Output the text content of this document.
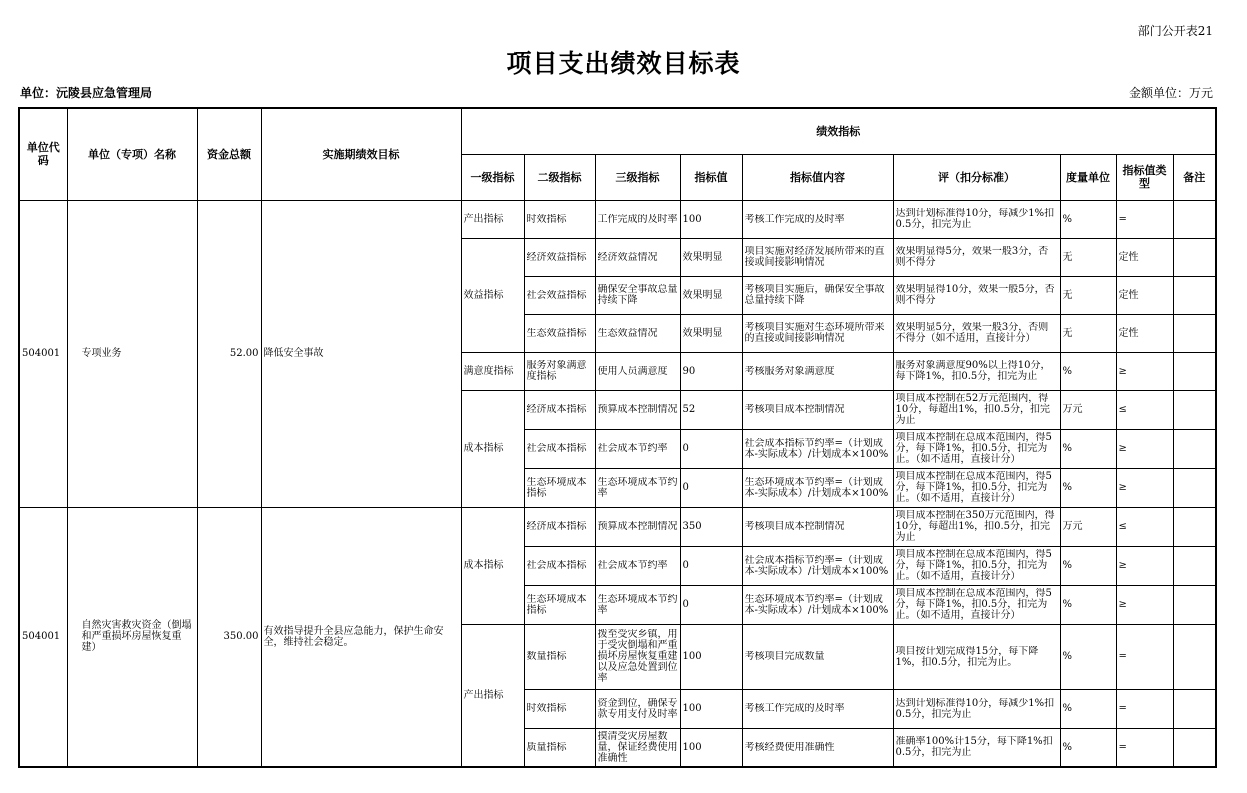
部门公开表21
项目支出绩效目标表
单位：沅陵县应急管理局	金额单位：万元
单位代码	单位（专项）名称	资金总额	实施期绩效目标	绩效指标								
				一级指标	二级指标	三级指标	指标值	指标值内容	评（扣分标准）	度量单位	指标值类型	备注
504001	专项业务	52.00	降低安全事故	产出指标	时效指标	工作完成的及时率	100	考核工作完成的及时率	达到计划标准得10分，每减少1%扣0.5分，扣完为止	%	=	
				效益指标	经济效益指标	经济效益情况	效果明显	项目实施对经济发展所带来的直接或间接影响情况	效果明显得5分，效果一般3分，否则不得分	无	定性	

					社会效益指标	确保安全事故总量持续下降	效果明显	考核项目实施后，确保安全事故总量持续下降	效果明显得10分，效果一般5分，否则不得分	无	定性	

					生态效益指标	生态效益情况	效果明显	考核项目实施对生态环境所带来的直接或间接影响情况	效果明显5分，效果一般3分，否则不得分（如不适用，直接计分）	无	定性	
				满意度指标	服务对象满意度指标	使用人员满意度	90	考核服务对象满意度	服务对象满意度90%以上得10分，每下降1%，扣0.5分，扣完为止	%	≥	
				成本指标	经济成本指标	预算成本控制情况	52	考核项目成本控制情况	项目成本控制在52万元范围内，得10分，每超出1%，扣0.5分，扣完为止	万元	≤	

					社会成本指标	社会成本节约率	0	社会成本指标节约率=（计划成本-实际成本）/计划成本×100%	项目成本控制在总成本范围内，得5分，每下降1%，扣0.5分，扣完为止。（如不适用，直接计分）	%	≥	

					生态环境成本指标	生态环境成本节约率	0	生态环境成本节约率=（计划成本-实际成本）/计划成本×100%	项目成本控制在总成本范围内，得5分，每下降1%，扣0.5分，扣完为止。（如不适用，直接计分）	%	≥	
504001	自然灾害救灾资金（倒塌和严重损坏房屋恢复重建）	350.00	有效指导提升全县应急能力，保护生命安全，维持社会稳定。	成本指标	经济成本指标	预算成本控制情况	350	考核项目成本控制情况	项目成本控制在350万元范围内，得10分，每超出1%，扣0.5分，扣完为止	万元	≤	

					社会成本指标	社会成本节约率	0	社会成本指标节约率=（计划成本-实际成本）/计划成本×100%	项目成本控制在总成本范围内，得5分，每下降1%，扣0.5分，扣完为止。（如不适用，直接计分）	%	≥	

					生态环境成本指标	生态环境成本节约率	0	生态环境成本节约率=（计划成本-实际成本）/计划成本×100%	项目成本控制在总成本范围内，得5分，每下降1%，扣0.5分，扣完为止。（如不适用，直接计分）	%	≥	
				产出指标	数量指标	拨至受灾乡镇，用于受灾倒塌和严重损坏房屋恢复重建以及应急处置到位率	100	考核项目完成数量	项目按计划完成得15分，每下降1%，扣0.5分，扣完为止。	%	=	

					时效指标	资金到位，确保专款专用支付及时率	100	考核工作完成的及时率	达到计划标准得10分，每减少1%扣0.5分，扣完为止	%	=	

					质量指标	摸清受灾房屋数量，保证经费使用准确性	100	考核经费使用准确性	准确率100%计15分，每下降1%扣0.5分，扣完为止	%	=	
